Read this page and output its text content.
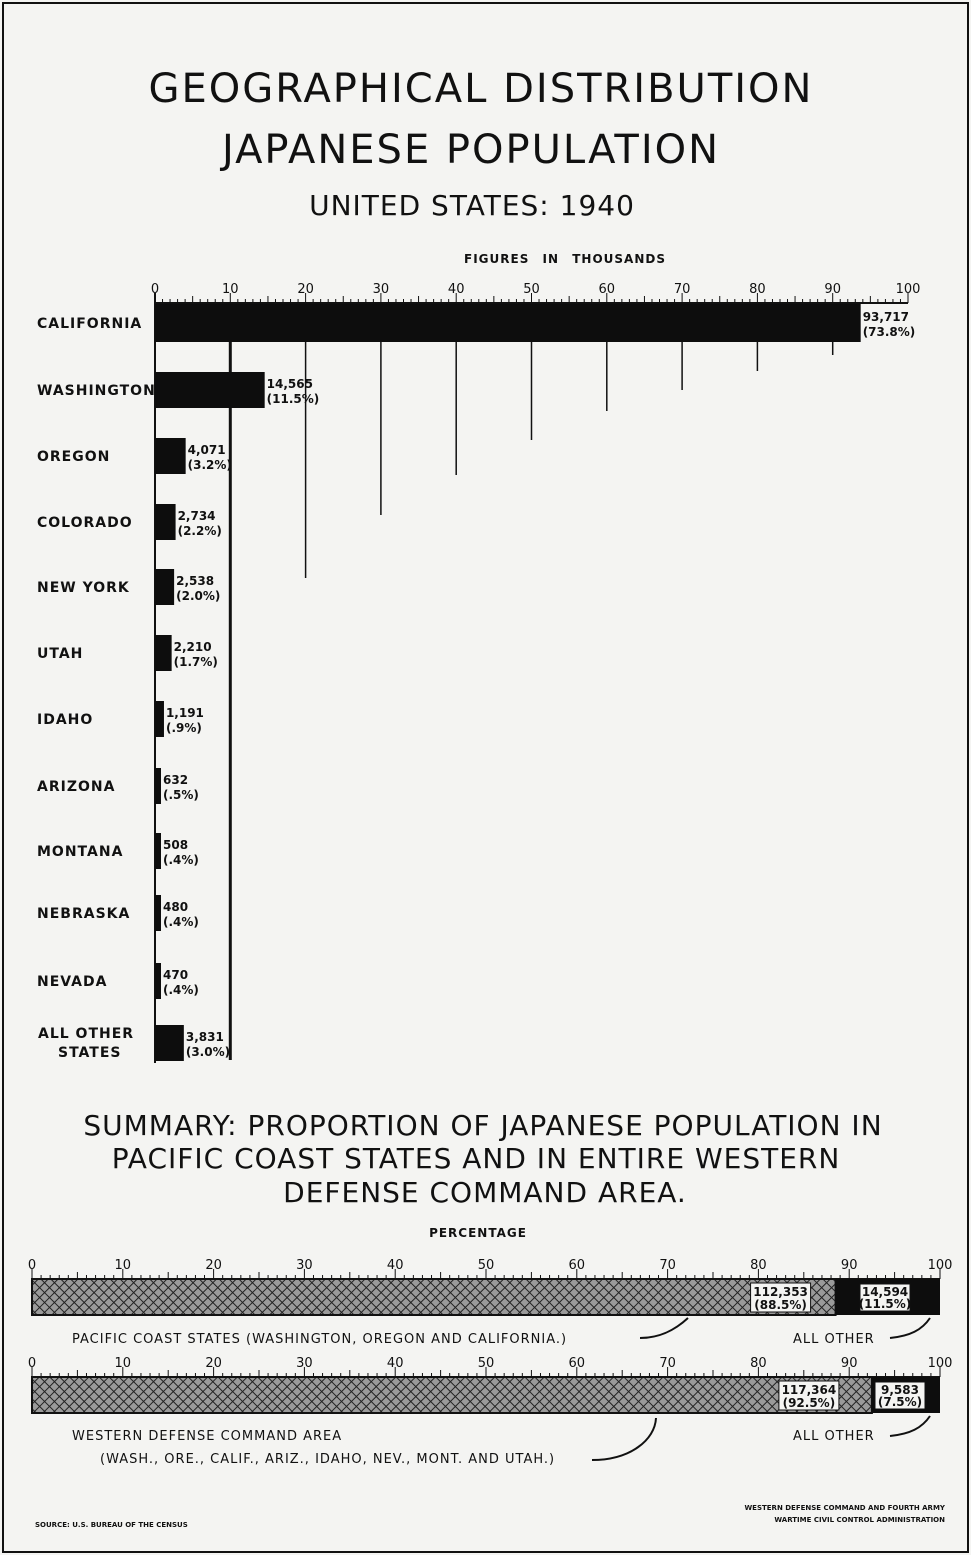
GEOGRAPHICAL DISTRIBUTION
JAPANESE POPULATION
UNITED STATES: 1940
FIGURES IN THOUSANDS
0	10	20	30	40	50	60	70	80	90	100
CALIFORNIA	93,717
(73.8%)
WASHINGTON	14,565
(11.5%)
OREGON	4,071
(3.2%)
COLORADO	2,734
(2.2%)
NEW YORK	2,538
(2.0%)
UTAH	2,210
(1.7%)
IDAHO	1,191
(.9%)
ARIZONA	632
(.5%)
MONTANA	508
(.4%)
NEBRASKA	480
(.4%)
NEVADA	470
(.4%)
ALL OTHER
STATES
3,831
(3.0%)
SUMMARY: PROPORTION OF JAPANESE POPULATION IN
PACIFIC COAST STATES AND IN ENTIRE WESTERN
DEFENSE COMMAND AREA.
PERCENTAGE
0	10	20	30	40	50	60	70	80	90	100
112,353
(88.5%)
14,594
(11.5%)
PACIFIC COAST STATES (WASHINGTON, OREGON AND CALIFORNIA.)	ALL OTHER
0	10	20	30	40	50	60	70	80	90	100
117,364
(92.5%)
9,583
(7.5%)
WESTERN DEFENSE COMMAND AREA
(WASH., ORE., CALIF., ARIZ., IDAHO, NEV., MONT. AND UTAH.)
ALL OTHER
SOURCE: U.S. BUREAU OF THE CENSUS
WESTERN DEFENSE COMMAND AND FOURTH ARMY
WARTIME CIVIL CONTROL ADMINISTRATION
